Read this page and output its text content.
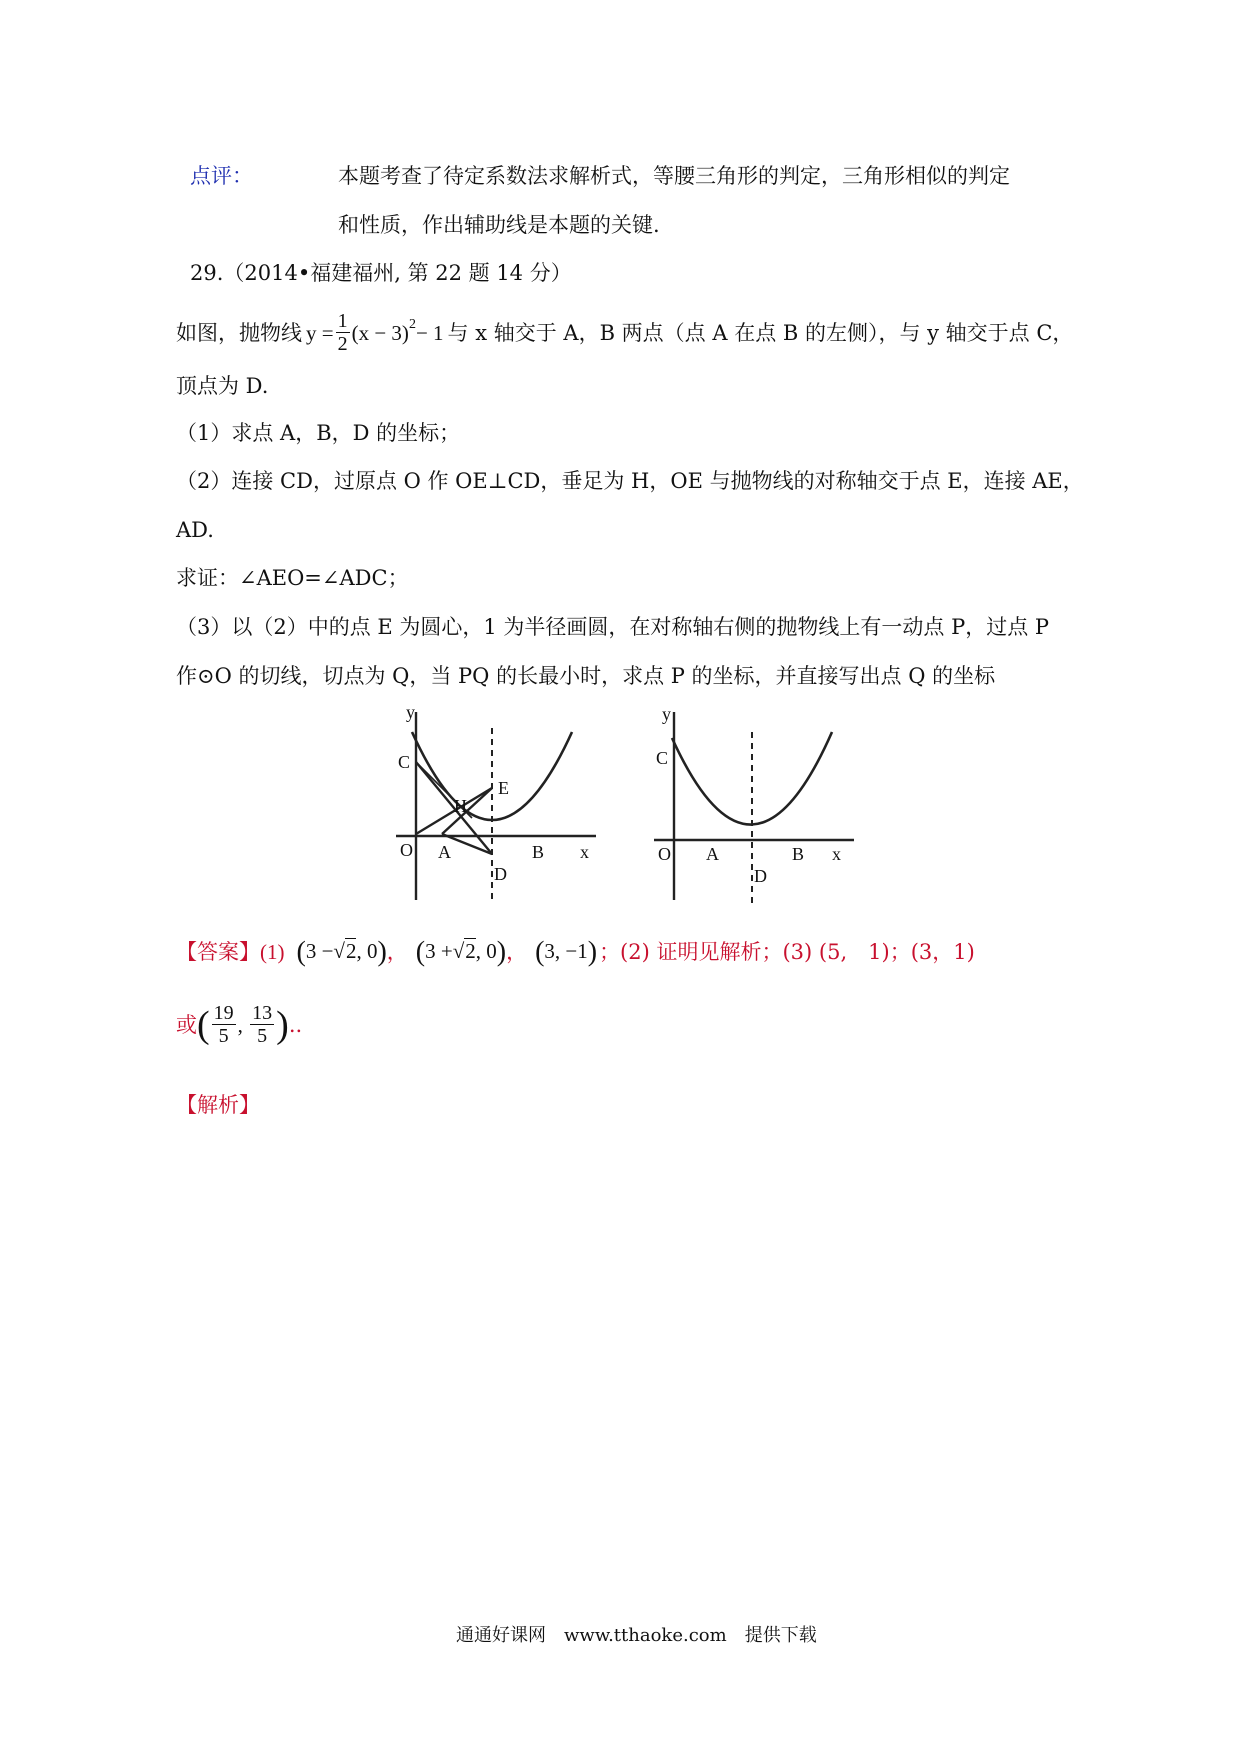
点评：	本题考查了待定系数法求解析式，等腰三角形的判定，三角形相似的判定
和性质，作出辅助线是本题的关键.
29.（2014•福建福州, 第 22 题 14 分）
如图，抛物线 $y = \frac{1}{2} (x - 3)^2 - 1$ 与 x 轴交于 A，B 两点（点 A 在点 B 的左侧），与 y 轴交于点 C，
顶点为 D.
（1）求点 A，B，D 的坐标；
（2）连接 CD，过原点 O 作 OE⊥CD，垂足为 H，OE 与抛物线的对称轴交于点 E，连接 AE，
AD.
求证：∠AEO=∠ADC；
（3）以（2）中的点 E 为圆心，1 为半径画圆，在对称轴右侧的抛物线上有一动点 P，过点 P
作⊙O 的切线，切点为 Q，当 PQ 的长最小时，求点 P 的坐标，并直接写出点 Q 的坐标
y
C
H
E
O A	B x
D
y
C
O A	B x
D
【答案】 (1) (3 −√2, 0) ， (3 +√2, 0) ， (3, −1) ；(2) 证明见解析；(3) (5,　1)；(3，1)
或 ( $\frac{19}{5}$ , $\frac{13}{5}$ ) ..
【解析】
通通好课网　www.tthaoke.com　提供下载
